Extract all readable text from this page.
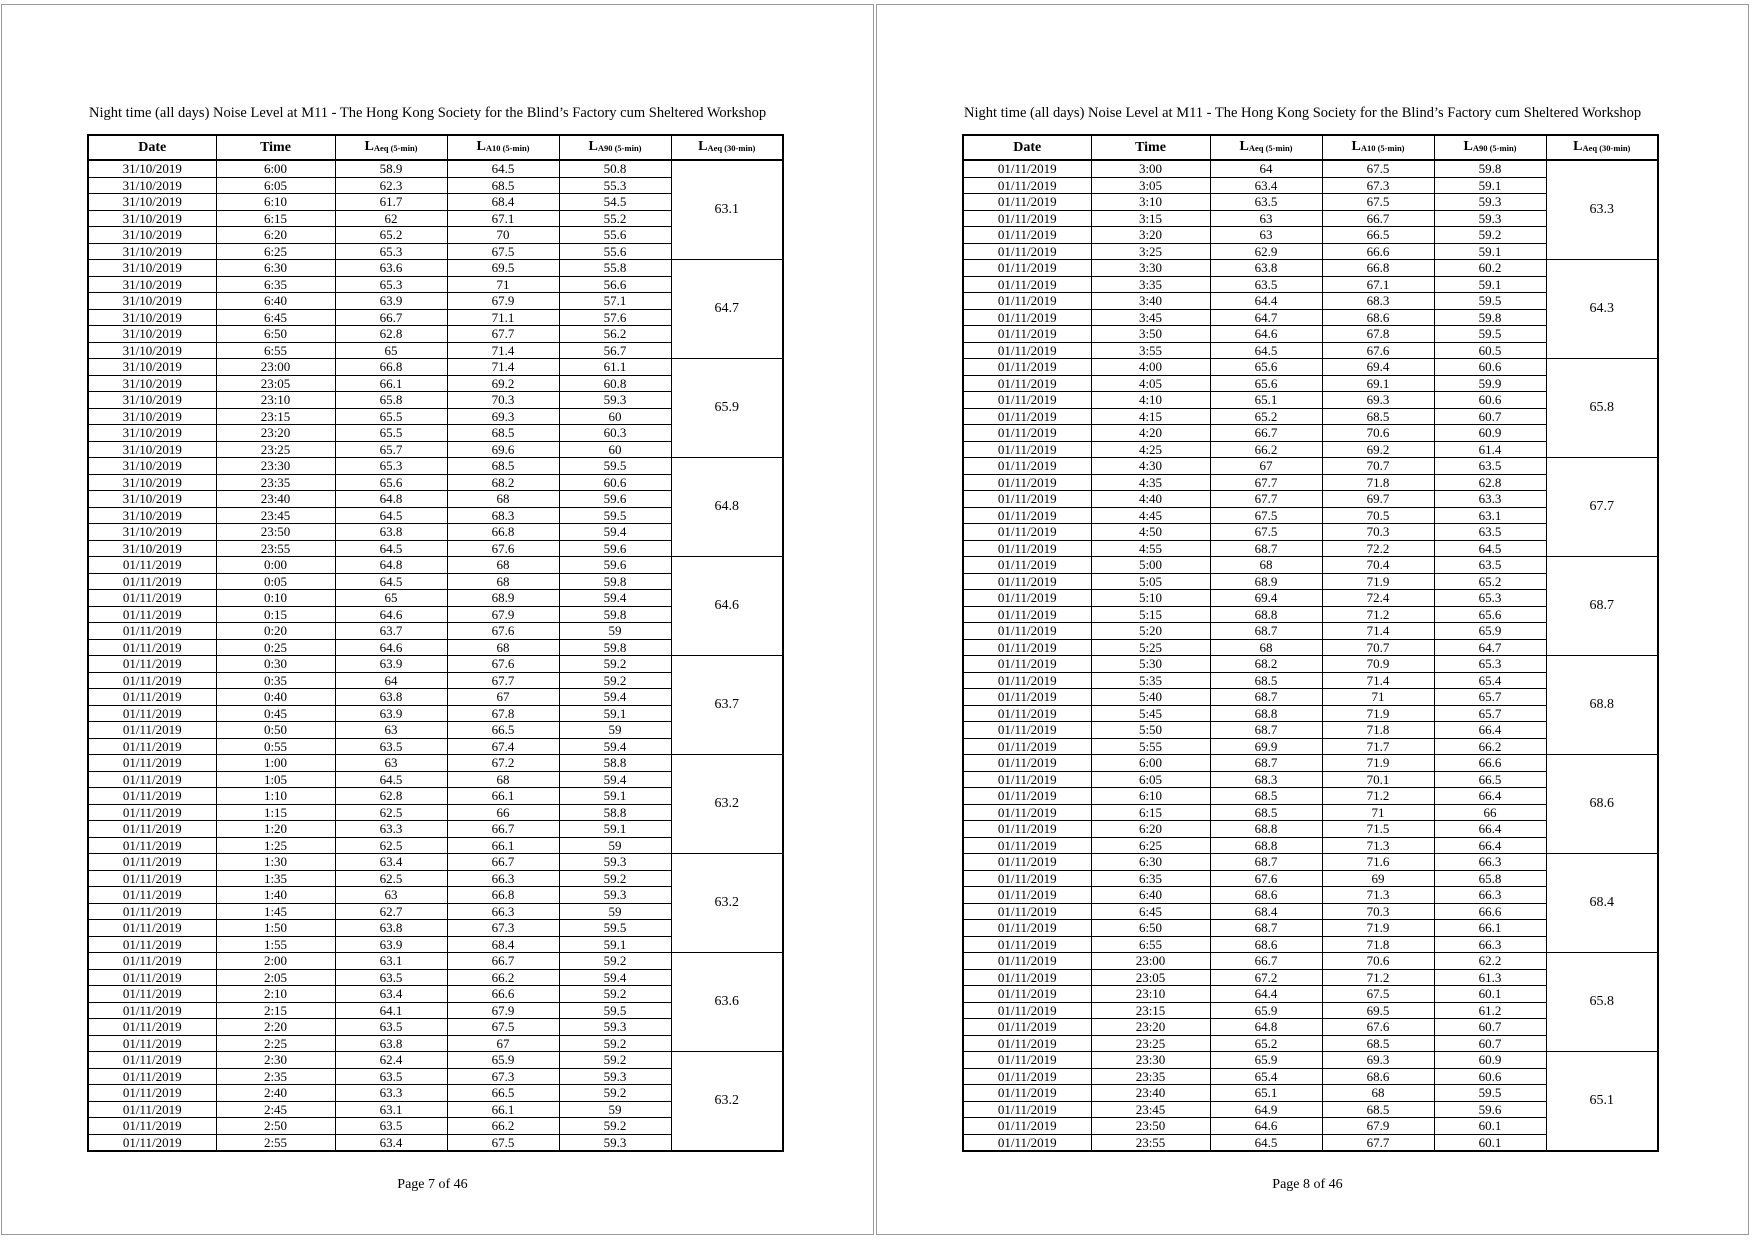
Night time (all days) Noise Level at M11 - The Hong Kong Society for the Blind’s Factory cum Sheltered Workshop
Date	Time	LAeq (5-min)	LA10 (5-min)	LA90 (5-min)	LAeq (30-min)
31/10/2019	6:00	58.9	64.5	50.8	63.1
31/10/2019	6:05	62.3	68.5	55.3	
31/10/2019	6:10	61.7	68.4	54.5	
31/10/2019	6:15	62	67.1	55.2	
31/10/2019	6:20	65.2	70	55.6	
31/10/2019	6:25	65.3	67.5	55.6	
31/10/2019	6:30	63.6	69.5	55.8	64.7
31/10/2019	6:35	65.3	71	56.6	
31/10/2019	6:40	63.9	67.9	57.1	
31/10/2019	6:45	66.7	71.1	57.6	
31/10/2019	6:50	62.8	67.7	56.2	
31/10/2019	6:55	65	71.4	56.7	
31/10/2019	23:00	66.8	71.4	61.1	65.9
31/10/2019	23:05	66.1	69.2	60.8	
31/10/2019	23:10	65.8	70.3	59.3	
31/10/2019	23:15	65.5	69.3	60	
31/10/2019	23:20	65.5	68.5	60.3	
31/10/2019	23:25	65.7	69.6	60	
31/10/2019	23:30	65.3	68.5	59.5	64.8
31/10/2019	23:35	65.6	68.2	60.6	
31/10/2019	23:40	64.8	68	59.6	
31/10/2019	23:45	64.5	68.3	59.5	
31/10/2019	23:50	63.8	66.8	59.4	
31/10/2019	23:55	64.5	67.6	59.6	
01/11/2019	0:00	64.8	68	59.6	64.6
01/11/2019	0:05	64.5	68	59.8	
01/11/2019	0:10	65	68.9	59.4	
01/11/2019	0:15	64.6	67.9	59.8	
01/11/2019	0:20	63.7	67.6	59	
01/11/2019	0:25	64.6	68	59.8	
01/11/2019	0:30	63.9	67.6	59.2	63.7
01/11/2019	0:35	64	67.7	59.2	
01/11/2019	0:40	63.8	67	59.4	
01/11/2019	0:45	63.9	67.8	59.1	
01/11/2019	0:50	63	66.5	59	
01/11/2019	0:55	63.5	67.4	59.4	
01/11/2019	1:00	63	67.2	58.8	63.2
01/11/2019	1:05	64.5	68	59.4	
01/11/2019	1:10	62.8	66.1	59.1	
01/11/2019	1:15	62.5	66	58.8	
01/11/2019	1:20	63.3	66.7	59.1	
01/11/2019	1:25	62.5	66.1	59	
01/11/2019	1:30	63.4	66.7	59.3	63.2
01/11/2019	1:35	62.5	66.3	59.2	
01/11/2019	1:40	63	66.8	59.3	
01/11/2019	1:45	62.7	66.3	59	
01/11/2019	1:50	63.8	67.3	59.5	
01/11/2019	1:55	63.9	68.4	59.1	
01/11/2019	2:00	63.1	66.7	59.2	63.6
01/11/2019	2:05	63.5	66.2	59.4	
01/11/2019	2:10	63.4	66.6	59.2	
01/11/2019	2:15	64.1	67.9	59.5	
01/11/2019	2:20	63.5	67.5	59.3	
01/11/2019	2:25	63.8	67	59.2	
01/11/2019	2:30	62.4	65.9	59.2	63.2
01/11/2019	2:35	63.5	67.3	59.3	
01/11/2019	2:40	63.3	66.5	59.2	
01/11/2019	2:45	63.1	66.1	59	
01/11/2019	2:50	63.5	66.2	59.2	
01/11/2019	2:55	63.4	67.5	59.3	
Page 7 of 46
Night time (all days) Noise Level at M11 - The Hong Kong Society for the Blind’s Factory cum Sheltered Workshop
Date	Time	LAeq (5-min)	LA10 (5-min)	LA90 (5-min)	LAeq (30-min)
01/11/2019	3:00	64	67.5	59.8	63.3
01/11/2019	3:05	63.4	67.3	59.1	
01/11/2019	3:10	63.5	67.5	59.3	
01/11/2019	3:15	63	66.7	59.3	
01/11/2019	3:20	63	66.5	59.2	
01/11/2019	3:25	62.9	66.6	59.1	
01/11/2019	3:30	63.8	66.8	60.2	64.3
01/11/2019	3:35	63.5	67.1	59.1	
01/11/2019	3:40	64.4	68.3	59.5	
01/11/2019	3:45	64.7	68.6	59.8	
01/11/2019	3:50	64.6	67.8	59.5	
01/11/2019	3:55	64.5	67.6	60.5	
01/11/2019	4:00	65.6	69.4	60.6	65.8
01/11/2019	4:05	65.6	69.1	59.9	
01/11/2019	4:10	65.1	69.3	60.6	
01/11/2019	4:15	65.2	68.5	60.7	
01/11/2019	4:20	66.7	70.6	60.9	
01/11/2019	4:25	66.2	69.2	61.4	
01/11/2019	4:30	67	70.7	63.5	67.7
01/11/2019	4:35	67.7	71.8	62.8	
01/11/2019	4:40	67.7	69.7	63.3	
01/11/2019	4:45	67.5	70.5	63.1	
01/11/2019	4:50	67.5	70.3	63.5	
01/11/2019	4:55	68.7	72.2	64.5	
01/11/2019	5:00	68	70.4	63.5	68.7
01/11/2019	5:05	68.9	71.9	65.2	
01/11/2019	5:10	69.4	72.4	65.3	
01/11/2019	5:15	68.8	71.2	65.6	
01/11/2019	5:20	68.7	71.4	65.9	
01/11/2019	5:25	68	70.7	64.7	
01/11/2019	5:30	68.2	70.9	65.3	68.8
01/11/2019	5:35	68.5	71.4	65.4	
01/11/2019	5:40	68.7	71	65.7	
01/11/2019	5:45	68.8	71.9	65.7	
01/11/2019	5:50	68.7	71.8	66.4	
01/11/2019	5:55	69.9	71.7	66.2	
01/11/2019	6:00	68.7	71.9	66.6	68.6
01/11/2019	6:05	68.3	70.1	66.5	
01/11/2019	6:10	68.5	71.2	66.4	
01/11/2019	6:15	68.5	71	66	
01/11/2019	6:20	68.8	71.5	66.4	
01/11/2019	6:25	68.8	71.3	66.4	
01/11/2019	6:30	68.7	71.6	66.3	68.4
01/11/2019	6:35	67.6	69	65.8	
01/11/2019	6:40	68.6	71.3	66.3	
01/11/2019	6:45	68.4	70.3	66.6	
01/11/2019	6:50	68.7	71.9	66.1	
01/11/2019	6:55	68.6	71.8	66.3	
01/11/2019	23:00	66.7	70.6	62.2	65.8
01/11/2019	23:05	67.2	71.2	61.3	
01/11/2019	23:10	64.4	67.5	60.1	
01/11/2019	23:15	65.9	69.5	61.2	
01/11/2019	23:20	64.8	67.6	60.7	
01/11/2019	23:25	65.2	68.5	60.7	
01/11/2019	23:30	65.9	69.3	60.9	65.1
01/11/2019	23:35	65.4	68.6	60.6	
01/11/2019	23:40	65.1	68	59.5	
01/11/2019	23:45	64.9	68.5	59.6	
01/11/2019	23:50	64.6	67.9	60.1	
01/11/2019	23:55	64.5	67.7	60.1	
Page 8 of 46
